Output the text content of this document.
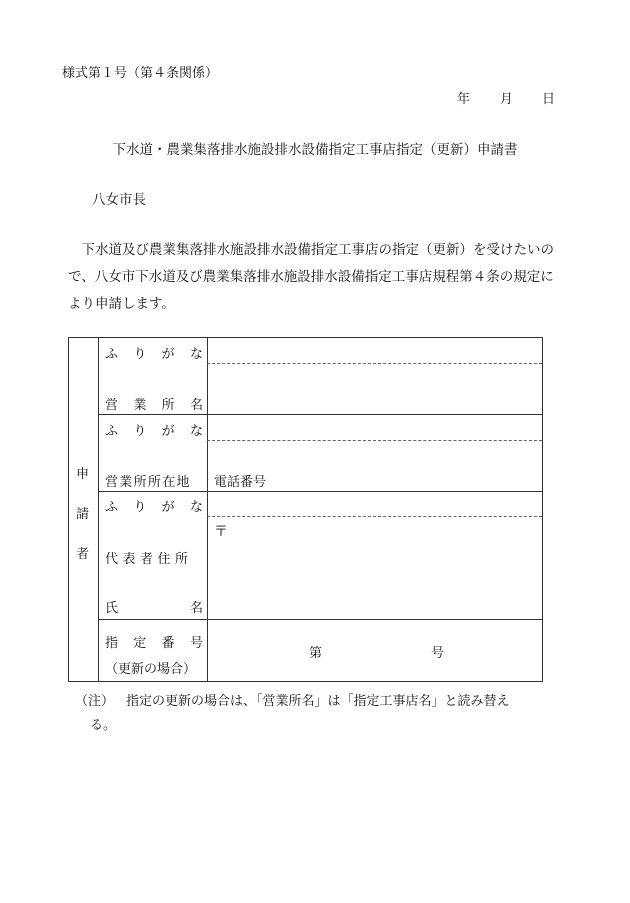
様式第１号（第４条関係）
年 月 日
下水道・農業集落排水施設排水設備指定工事店指定（更新）申請書
八女市長
　下水道及び農業集落排水施設排水設備指定工事店の指定（更新）を受けたいの
で、八女市下水道及び農業集落排水施設排水設備指定工事店規程第４条の規定に
より申請します。
申
請
者
ふ り が な
営 業 所 名
ふ り が な
営業所所在地 電話番号
ふ り が な
代表者住所
氏	名
〒
指 定 番 号
（更新の場合）
第	号
（注） 指定の更新の場合は、「営業所名」は「指定工事店名」と読み替え
る。
